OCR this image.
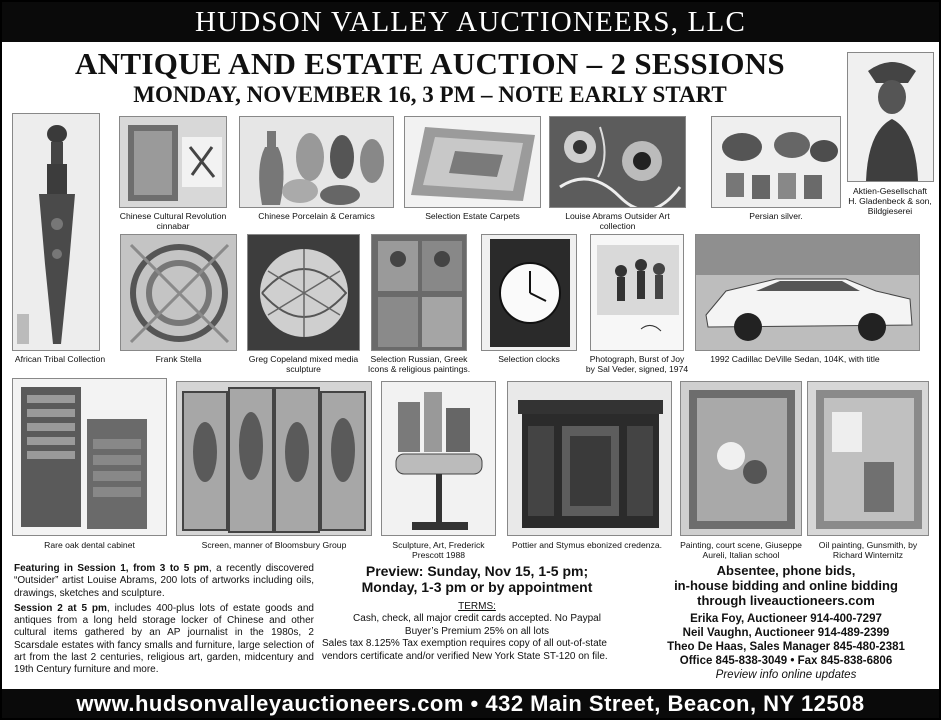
HUDSON VALLEY AUCTIONEERS, LLC
ANTIQUE AND ESTATE AUCTION – 2 SESSIONS
MONDAY, NOVEMBER 16, 3 PM – NOTE EARLY START
African Tribal Collection
Chinese Cultural Revolution
cinnabar
Chinese Porcelain & Ceramics	Selection Estate Carpets	Louise Abrams Outsider Art
collection
Persian silver.
Aktien-Gesellschaft
H. Gladenbeck & son,
Bildgieserei
Frank Stella	Greg Copeland mixed media
sculpture
Selection Russian, Greek
Icons & religious paintings.
Selection clocks	Photograph, Burst of Joy
by Sal Veder, signed, 1974
1992 Cadillac DeVille Sedan, 104K, with title
Rare oak dental cabinet	Screen, manner of Bloomsbury Group	Sculpture, Art, Frederick
Prescott 1988
Pottier and Stymus ebonized credenza.	Painting, court scene, Giuseppe
Aureli, Italian school
Oil painting, Gunsmith, by
Richard Winternitz

Featuring in Session 1, from 3 to 5 pm, a recently discovered “Outsider” artist Louise Abrams, 200 lots of artworks including oils, drawings, sketches and sculpture.

Session 2 at 5 pm, includes 400-plus lots of estate goods and antiques from a long held storage locker of Chinese and other cultural items gathered by an AP journalist in the 1980s, 2 Scarsdale estates with fancy smalls and furniture, large selection of art from the last 2 centuries, religious art, garden, midcentury and 19th Century furniture and more.

Preview: Sunday, Nov 15, 1-5 pm;
Monday, 1-3 pm or by appointment
TERMS:
Cash, check, all major credit cards accepted. No Paypal
Buyer’s Premium 25% on all lots
Sales tax 8.125% Tax exemption requires copy of all out-of-state vendors certificate and/or verified New York State ST-120 on file.
Absentee, phone bids,
in-house bidding and online bidding
through liveauctioneers.com
Erika Foy, Auctioneer 914-400-7297
Neil Vaughn, Auctioneer 914-489-2399
Theo De Haas, Sales Manager 845-480-2381
Office 845-838-3049 • Fax 845-838-6806
Preview info online updates
www.hudsonvalleyauctioneers.com • 432 Main Street, Beacon, NY 12508
